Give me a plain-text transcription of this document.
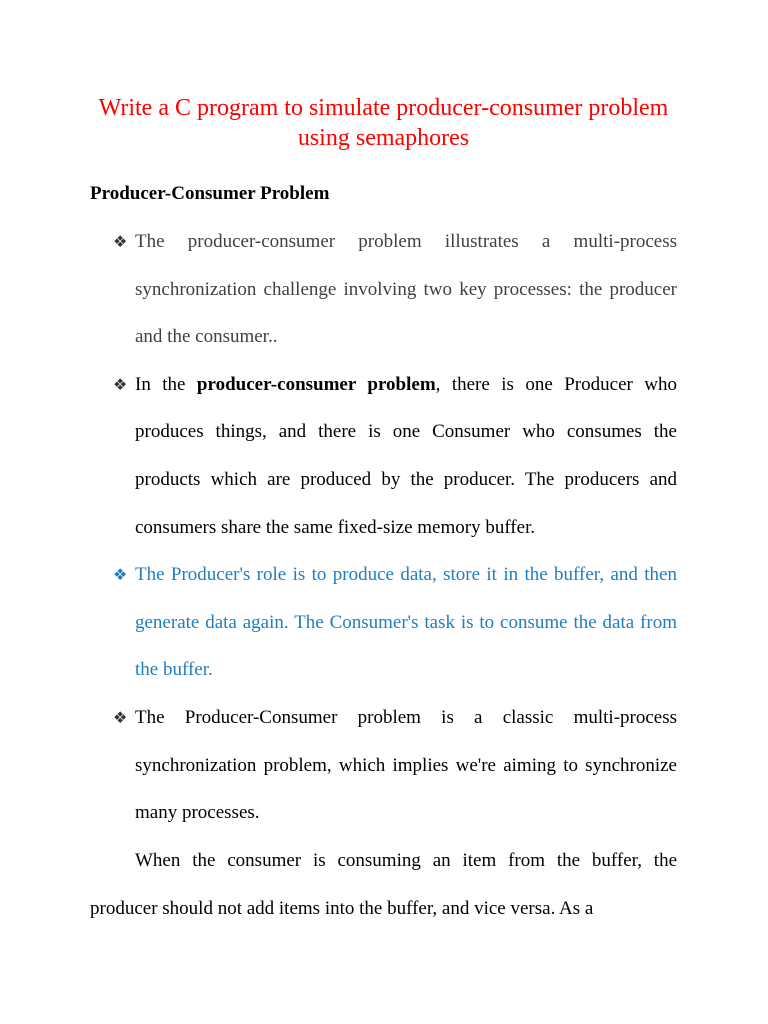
Write a C program to simulate producer-consumer problem using semaphores
Producer-Consumer Problem
❖ The producer-consumer problem illustrates a multi-process synchronization challenge involving two key processes: the producer and the consumer..
❖ In the producer-consumer problem, there is one Producer who produces things, and there is one Consumer who consumes the products which are produced by the producer. The producers and consumers share the same fixed-size memory buffer.
❖ The Producer's role is to produce data, store it in the buffer, and then generate data again. The Consumer's task is to consume the data from the buffer.
❖ The Producer-Consumer problem is a classic multi-process synchronization problem, which implies we're aiming to synchronize many processes.

When the consumer is consuming an item from the buffer, the producer should not add items into the buffer, and vice versa. As a
